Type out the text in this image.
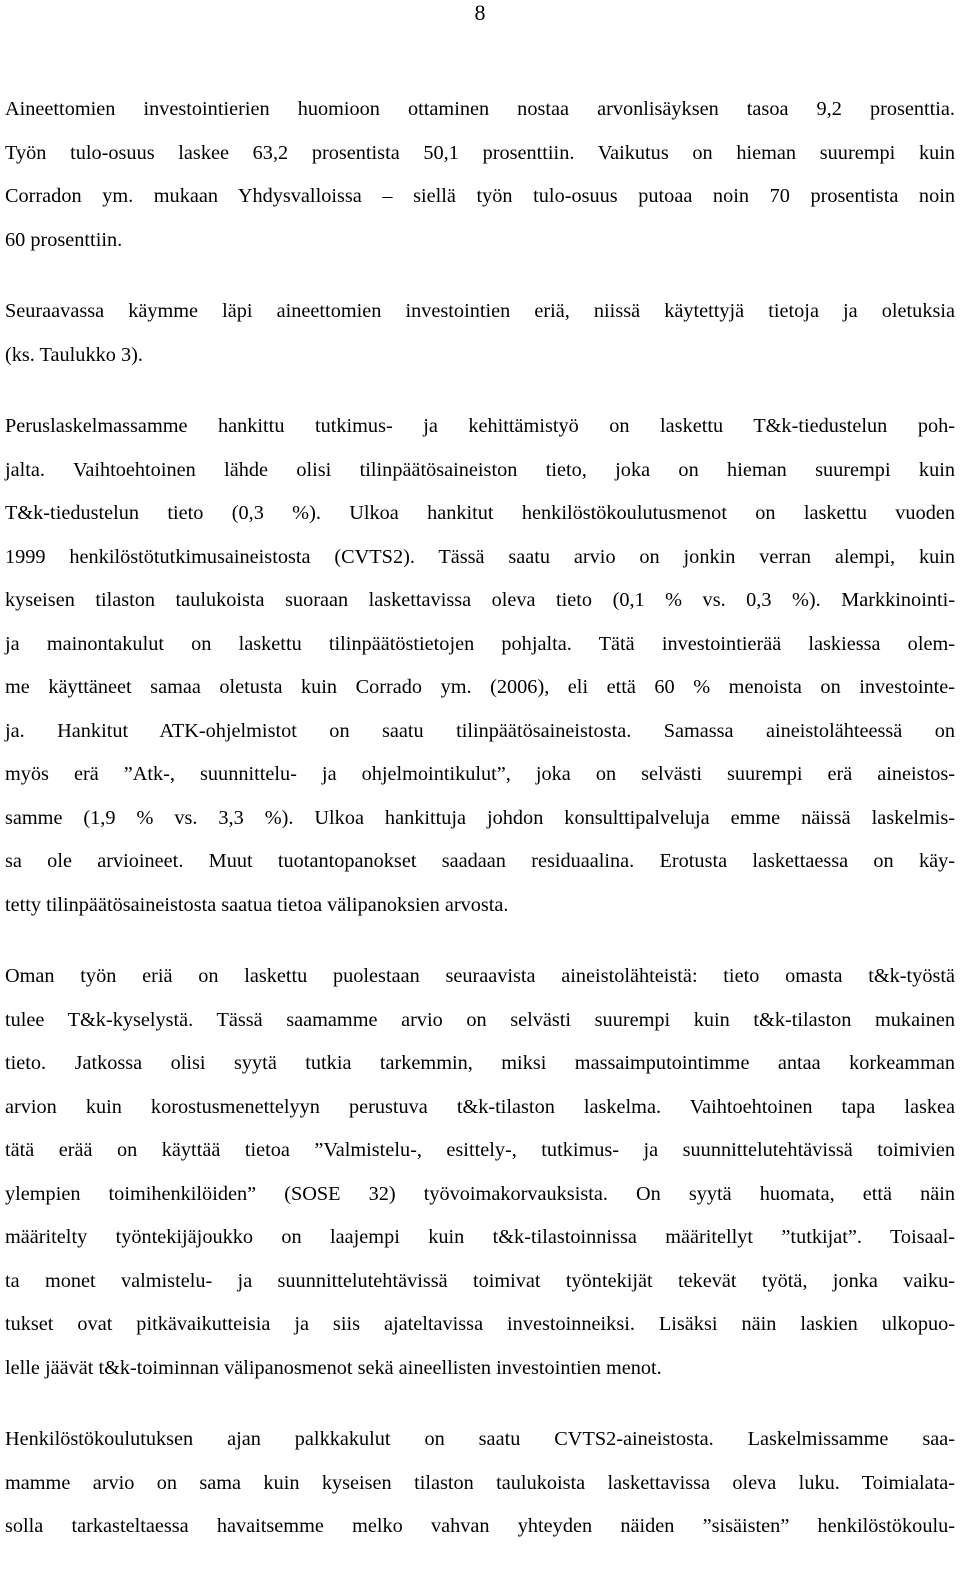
8

Aineettomien investointierien huomioon ottaminen nostaa arvonlisäyksen tasoa 9,2 prosenttia.
Työn tulo-osuus laskee 63,2 prosentista 50,1 prosenttiin. Vaikutus on hieman suurempi kuin
Corradon ym. mukaan Yhdysvalloissa – siellä työn tulo-osuus putoaa noin 70 prosentista noin
60 prosenttiin.

Seuraavassa käymme läpi aineettomien investointien eriä, niissä käytettyjä tietoja ja oletuksia
(ks. Taulukko 3).

Peruslaskelmassamme hankittu tutkimus- ja kehittämistyö on laskettu T&k-tiedustelun poh-
jalta. Vaihtoehtoinen lähde olisi tilinpäätösaineiston tieto, joka on hieman suurempi kuin
T&k-tiedustelun tieto (0,3 %). Ulkoa hankitut henkilöstökoulutusmenot on laskettu vuoden
1999 henkilöstötutkimusaineistosta (CVTS2). Tässä saatu arvio on jonkin verran alempi, kuin
kyseisen tilaston taulukoista suoraan laskettavissa oleva tieto (0,1 % vs. 0,3 %). Markkinointi-
ja mainontakulut on laskettu tilinpäätöstietojen pohjalta. Tätä investointierää laskiessa olem-
me käyttäneet samaa oletusta kuin Corrado ym. (2006), eli että 60 % menoista on investointe-
ja. Hankitut ATK-ohjelmistot on saatu tilinpäätösaineistosta. Samassa aineistolähteessä on
myös erä ”Atk-, suunnittelu- ja ohjelmointikulut”, joka on selvästi suurempi erä aineistos-
samme (1,9 % vs. 3,3 %). Ulkoa hankittuja johdon konsulttipalveluja emme näissä laskelmis-
sa ole arvioineet. Muut tuotantopanokset saadaan residuaalina. Erotusta laskettaessa on käy-
tetty tilinpäätösaineistosta saatua tietoa välipanoksien arvosta.

Oman työn eriä on laskettu puolestaan seuraavista aineistolähteistä: tieto omasta t&k-työstä
tulee T&k-kyselystä. Tässä saamamme arvio on selvästi suurempi kuin t&k-tilaston mukainen
tieto. Jatkossa olisi syytä tutkia tarkemmin, miksi massaimputointimme antaa korkeamman
arvion kuin korostusmenettelyyn perustuva t&k-tilaston laskelma. Vaihtoehtoinen tapa laskea
tätä erää on käyttää tietoa ”Valmistelu-, esittely-, tutkimus- ja suunnittelutehtävissä toimivien
ylempien toimihenkilöiden” (SOSE 32) työvoimakorvauksista. On syytä huomata, että näin
määritelty työntekijäjoukko on laajempi kuin t&k-tilastoinnissa määritellyt ”tutkijat”. Toisaal-
ta monet valmistelu- ja suunnittelutehtävissä toimivat työntekijät tekevät työtä, jonka vaiku-
tukset ovat pitkävaikutteisia ja siis ajateltavissa investoinneiksi. Lisäksi näin laskien ulkopuo-
lelle jäävät t&k-toiminnan välipanosmenot sekä aineellisten investointien menot.

Henkilöstökoulutuksen ajan palkkakulut on saatu CVTS2-aineistosta. Laskelmissamme saa-
mamme arvio on sama kuin kyseisen tilaston taulukoista laskettavissa oleva luku. Toimialata-
solla tarkasteltaessa havaitsemme melko vahvan yhteyden näiden ”sisäisten” henkilöstökoulu-
